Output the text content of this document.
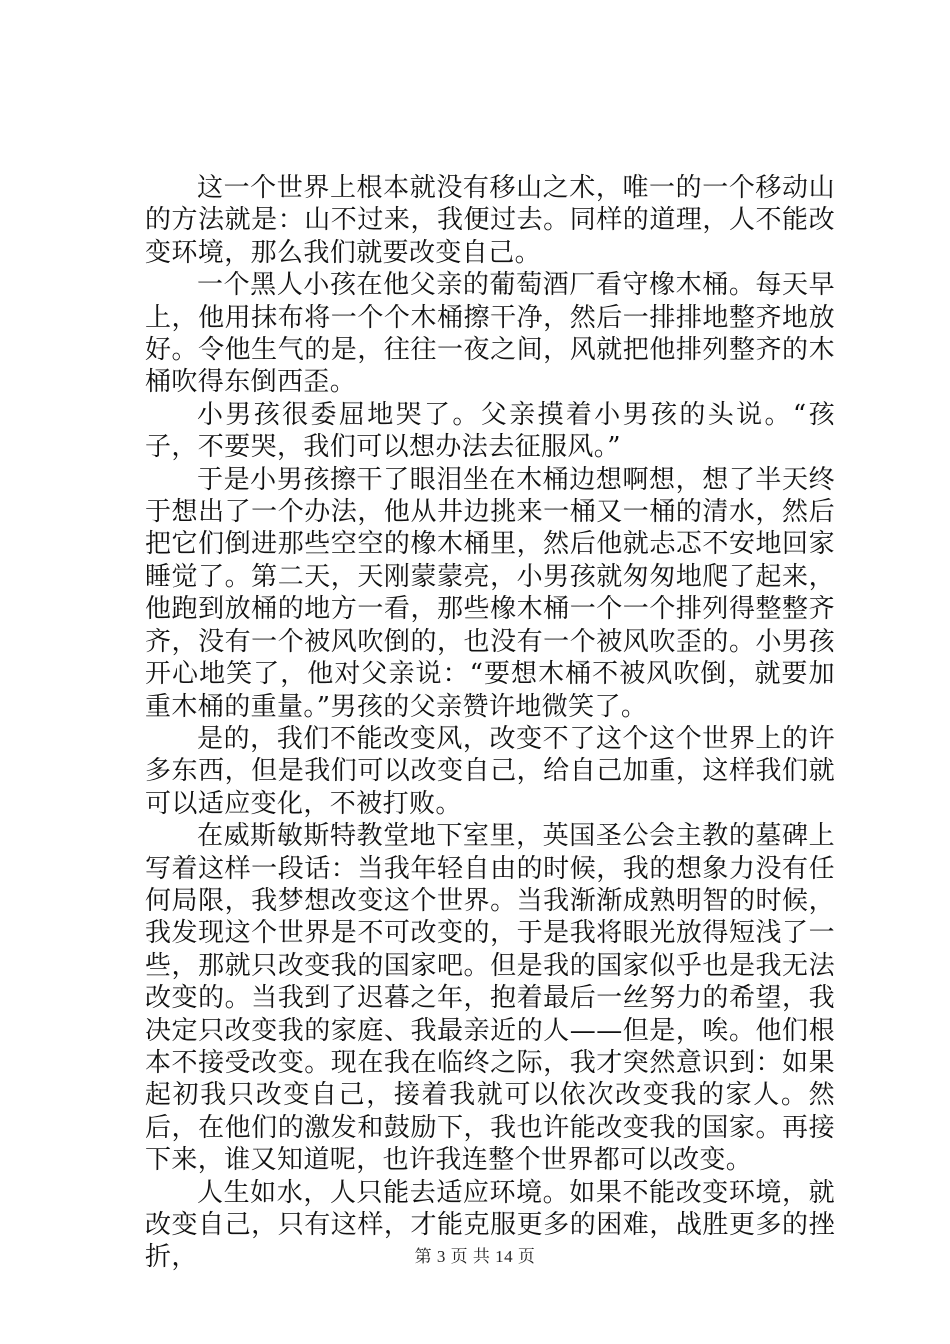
这一个世界上根本就没有移山之术，唯一的一个移动山的方法就是：山不过来，我便过去。同样的道理，人不能改变环境，那么我们就要改变自己。

一个黑人小孩在他父亲的葡萄酒厂看守橡木桶。每天早上，他用抹布将一个个木桶擦干净，然后一排排地整齐地放好。令他生气的是，往往一夜之间，风就把他排列整齐的木桶吹得东倒西歪。

小男孩很委屈地哭了。父亲摸着小男孩的头说。“孩子，不要哭，我们可以想办法去征服风。”

于是小男孩擦干了眼泪坐在木桶边想啊想，想了半天终于想出了一个办法，他从井边挑来一桶又一桶的清水，然后把它们倒进那些空空的橡木桶里，然后他就忐忑不安地回家睡觉了。第二天，天刚蒙蒙亮，小男孩就匆匆地爬了起来，他跑到放桶的地方一看，那些橡木桶一个一个排列得整整齐齐，没有一个被风吹倒的，也没有一个被风吹歪的。小男孩开心地笑了，他对父亲说：“要想木桶不被风吹倒，就要加重木桶的重量。”男孩的父亲赞许地微笑了。

是的，我们不能改变风，改变不了这个这个世界上的许多东西，但是我们可以改变自己，给自己加重，这样我们就可以适应变化，不被打败。

在威斯敏斯特教堂地下室里，英国圣公会主教的墓碑上写着这样一段话：当我年轻自由的时候，我的想象力没有任何局限，我梦想改变这个世界。当我渐渐成熟明智的时候，我发现这个世界是不可改变的，于是我将眼光放得短浅了一些，那就只改变我的国家吧。但是我的国家似乎也是我无法改变的。当我到了迟暮之年，抱着最后一丝努力的希望，我决定只改变我的家庭、我最亲近的人——但是，唉。他们根本不接受改变。现在我在临终之际，我才突然意识到：如果起初我只改变自己，接着我就可以依次改变我的家人。然后，在他们的激发和鼓励下，我也许能改变我的国家。再接下来，谁又知道呢，也许我连整个世界都可以改变。

人生如水，人只能去适应环境。如果不能改变环境，就改变自己，只有这样，才能克服更多的困难，战胜更多的挫折，	第 3 页 共 14 页
